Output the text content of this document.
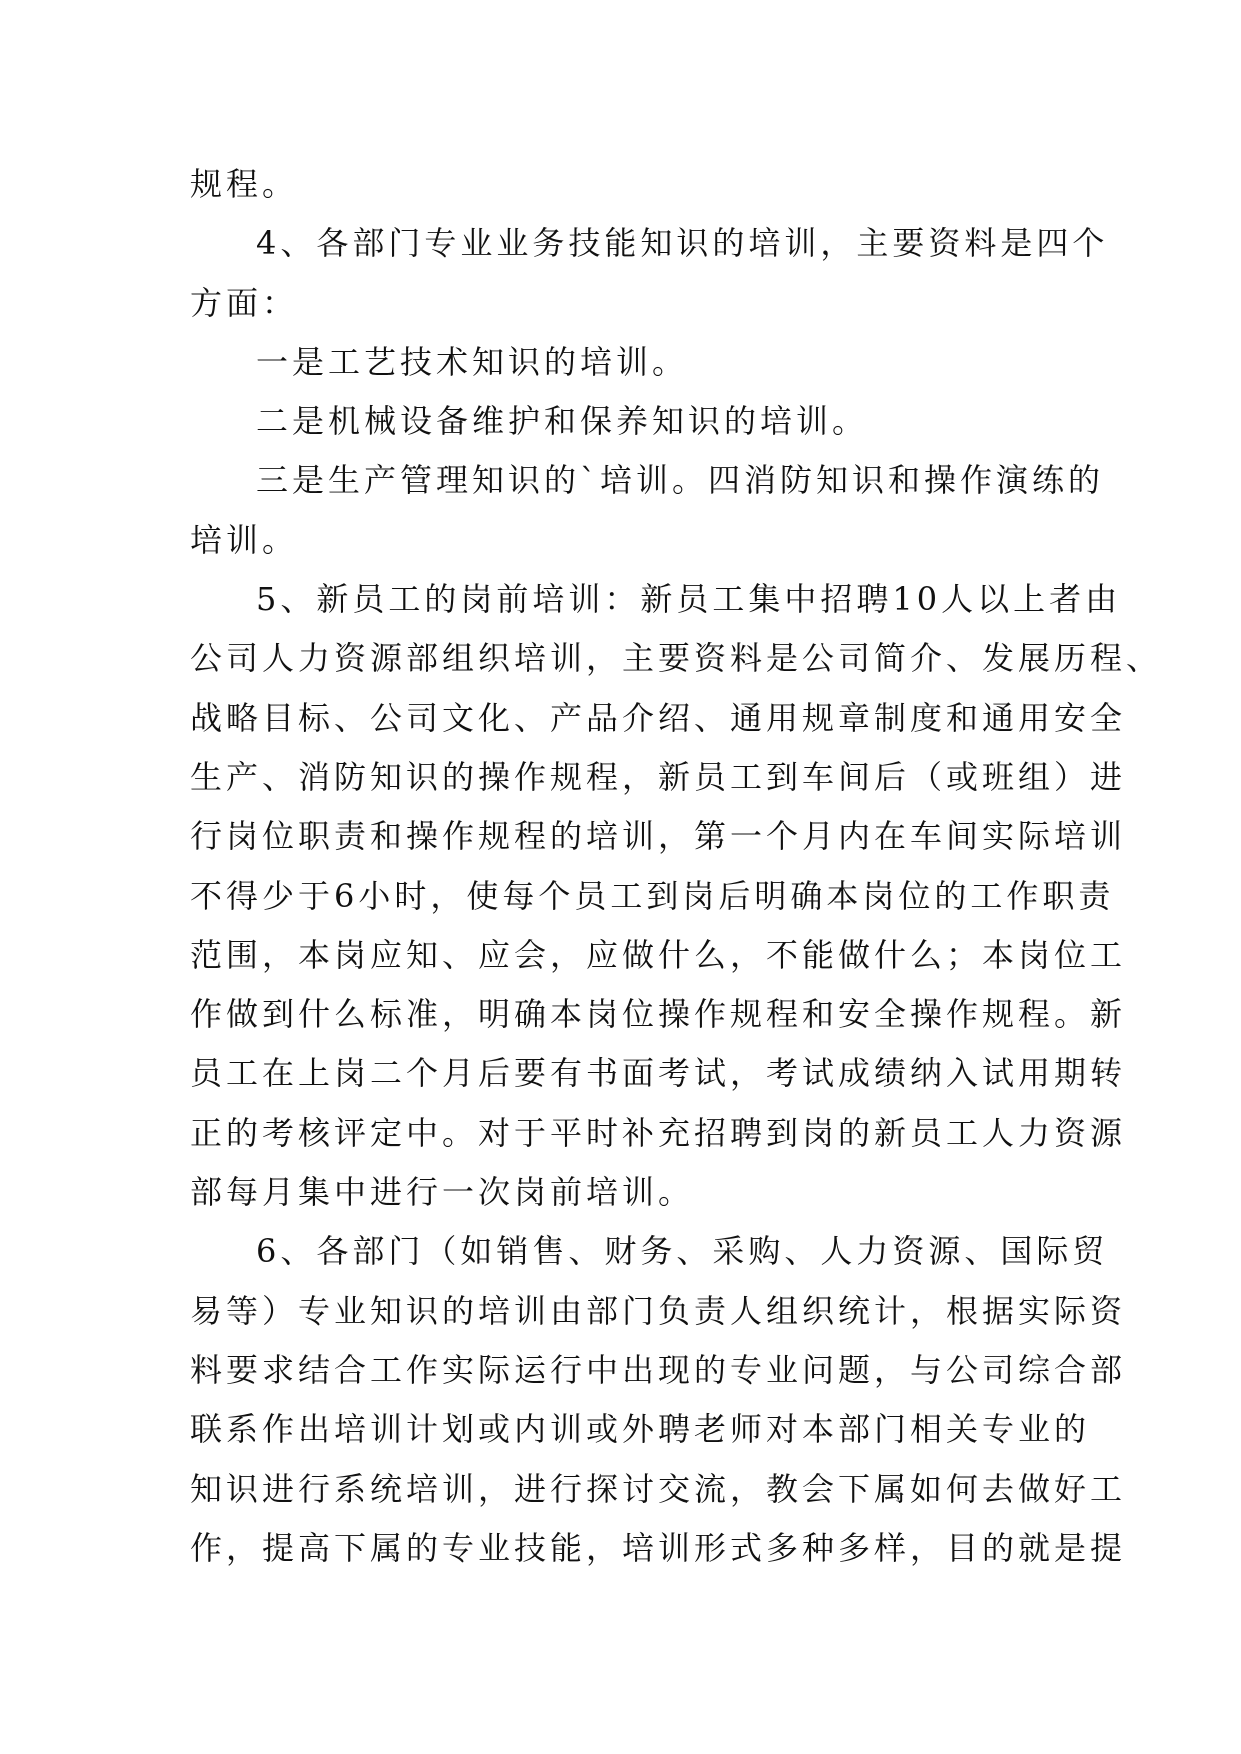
规程。
4、各部门专业业务技能知识的培训，主要资料是四个
方面：
一是工艺技术知识的培训。
二是机械设备维护和保养知识的培训。
三是生产管理知识的`培训。四消防知识和操作演练的
培训。
5、新员工的岗前培训：新员工集中招聘10人以上者由
公司人力资源部组织培训，主要资料是公司简介、发展历程、
战略目标、公司文化、产品介绍、通用规章制度和通用安全
生产、消防知识的操作规程，新员工到车间后（或班组）进
行岗位职责和操作规程的培训，第一个月内在车间实际培训
不得少于6小时，使每个员工到岗后明确本岗位的工作职责
范围，本岗应知、应会，应做什么，不能做什么；本岗位工
作做到什么标准，明确本岗位操作规程和安全操作规程。新
员工在上岗二个月后要有书面考试，考试成绩纳入试用期转
正的考核评定中。对于平时补充招聘到岗的新员工人力资源
部每月集中进行一次岗前培训。
6、各部门（如销售、财务、采购、人力资源、国际贸
易等）专业知识的培训由部门负责人组织统计，根据实际资
料要求结合工作实际运行中出现的专业问题，与公司综合部
联系作出培训计划或内训或外聘老师对本部门相关专业的
知识进行系统培训，进行探讨交流，教会下属如何去做好工
作，提高下属的专业技能，培训形式多种多样，目的就是提
